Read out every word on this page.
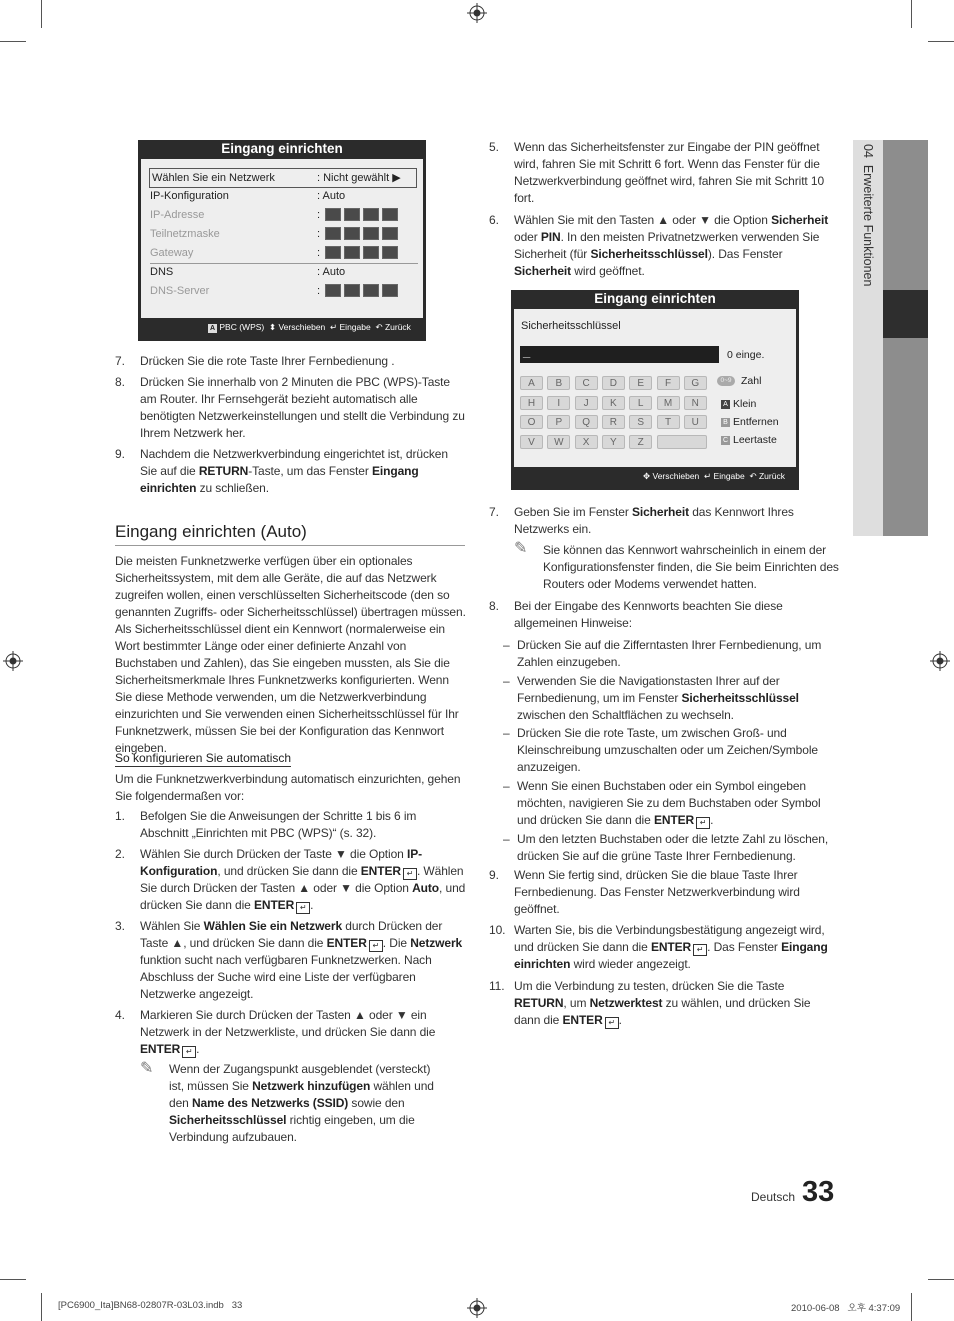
04  Erweiterte Funktionen
Eingang einrichten
Wählen Sie ein Netzwerk	: Nicht gewählt ▶
IP-Konfiguration	: Auto
IP-Adresse	:
Teilnetzmaske	:
Gateway	:
DNS	: Auto
DNS-Server	:
A PBC (WPS) ⬍ Verschieben ↵ Eingabe ↶ Zurück
7. Drücken Sie die rote Taste Ihrer Fernbedienung .
8. Drücken Sie innerhalb von 2 Minuten die PBC (WPS)-Taste am Router. Ihr Fernsehgerät bezieht automatisch alle benötigten Netzwerkeinstellungen und stellt die Verbindung zu Ihrem Netzwerk her.
9. Nachdem die Netzwerkverbindung eingerichtet ist, drücken Sie auf die RETURN-Taste, um das Fenster Eingang einrichten zu schließen.
Eingang einrichten (Auto)
Die meisten Funknetzwerke verfügen über ein optionales Sicherheitssystem, mit dem alle Geräte, die auf das Netzwerk zugreifen wollen, einen verschlüsselten Sicherheitscode (den so genannten Zugriffs- oder Sicherheitsschlüssel) übertragen müssen. Als Sicherheitsschlüssel dient ein Kennwort (normalerweise ein Wort bestimmter Länge oder einer definierte Anzahl von Buchstaben und Zahlen), das Sie eingeben mussten, als Sie die Sicherheitsmerkmale Ihres Funknetzwerks konfigurierten. Wenn Sie diese Methode verwenden, um die Netzwerkverbindung einzurichten und Sie verwenden einen Sicherheitsschlüssel für Ihr Funknetzwerk, müssen Sie bei der Konfiguration das Kennwort eingeben.
So konfigurieren Sie automatisch
Um die Funknetzwerkverbindung automatisch einzurichten, gehen Sie folgendermaßen vor:
1. Befolgen Sie die Anweisungen der Schritte 1 bis 6 im Abschnitt „Einrichten mit PBC (WPS)“ (s. 32).
2. Wählen Sie durch Drücken der Taste ▼ die Option IP-Konfiguration, und drücken Sie dann die ENTER ↵ . Wählen Sie durch Drücken der Tasten ▲ oder ▼ die Option Auto, und drücken Sie dann die ENTER ↵ .
3. Wählen Sie Wählen Sie ein Netzwerk durch Drücken der Taste ▲, und drücken Sie dann die ENTER ↵ . Die Netzwerk funktion sucht nach verfügbaren Funknetzwerken. Nach Abschluss der Suche wird eine Liste der verfügbaren Netzwerke angezeigt.
4. Markieren Sie durch Drücken der Tasten ▲ oder ▼ ein Netzwerk in der Netzwerkliste, und drücken Sie dann die ENTER ↵ .
✎ Wenn der Zugangspunkt ausgeblendet (versteckt) ist, müssen Sie Netzwerk hinzufügen wählen und den Name des Netzwerks (SSID) sowie den Sicherheitsschlüssel richtig eingeben, um die Verbindung aufzubauen.
5. Wenn das Sicherheitsfenster zur Eingabe der PIN geöffnet wird, fahren Sie mit Schritt 6 fort. Wenn das Fenster für die Netzwerkverbindung geöffnet wird, fahren Sie mit Schritt 10 fort.
6. Wählen Sie mit den Tasten ▲ oder ▼ die Option Sicherheit oder PIN. In den meisten Privatnetzwerken verwenden Sie Sicherheit (für Sicherheitsschlüssel). Das Fenster Sicherheit wird geöffnet.
Eingang einrichten
Sicherheitsschlüssel
_	0 einge.
A	B	C	D	E	F	G
H	I	J	K	L	M	N
O	P	Q	R	S	T	U
V	W	X	Y	Z
0~9 Zahl
A Klein
B Entfernen
C Leertaste
✥ Verschieben ↵ Eingabe ↶ Zurück
7. Geben Sie im Fenster Sicherheit das Kennwort Ihres Netzwerks ein.
✎ Sie können das Kennwort wahrscheinlich in einem der Konfigurationsfenster finden, die Sie beim Einrichten des Routers oder Modems verwendet hatten.
8. Bei der Eingabe des Kennworts beachten Sie diese allgemeinen Hinweise:
– Drücken Sie auf die Zifferntasten Ihrer Fernbedienung, um Zahlen einzugeben.
– Verwenden Sie die Navigationstasten Ihrer auf der Fernbedienung, um im Fenster Sicherheitsschlüssel zwischen den Schaltflächen zu wechseln.
– Drücken Sie die rote Taste, um zwischen Groß- und Kleinschreibung umzuschalten oder um Zeichen/Symbole anzuzeigen.
– Wenn Sie einen Buchstaben oder ein Symbol eingeben möchten, navigieren Sie zu dem Buchstaben oder Symbol und drücken Sie dann die ENTER ↵ .
– Um den letzten Buchstaben oder die letzte Zahl zu löschen, drücken Sie auf die grüne Taste Ihrer Fernbedienung.
9. Wenn Sie fertig sind, drücken Sie die blaue Taste Ihrer Fernbedienung. Das Fenster Netzwerkverbindung wird geöffnet.
10. Warten Sie, bis die Verbindungsbestätigung angezeigt wird, und drücken Sie dann die ENTER ↵ . Das Fenster Eingang einrichten wird wieder angezeigt.
11. Um die Verbindung zu testen, drücken Sie die Taste RETURN, um Netzwerktest zu wählen, und drücken Sie dann die ENTER ↵ .
Deutsch 33
[PC6900_Ita]BN68-02807R-03L03.indb   33	2010-06-08   오후 4:37:09
